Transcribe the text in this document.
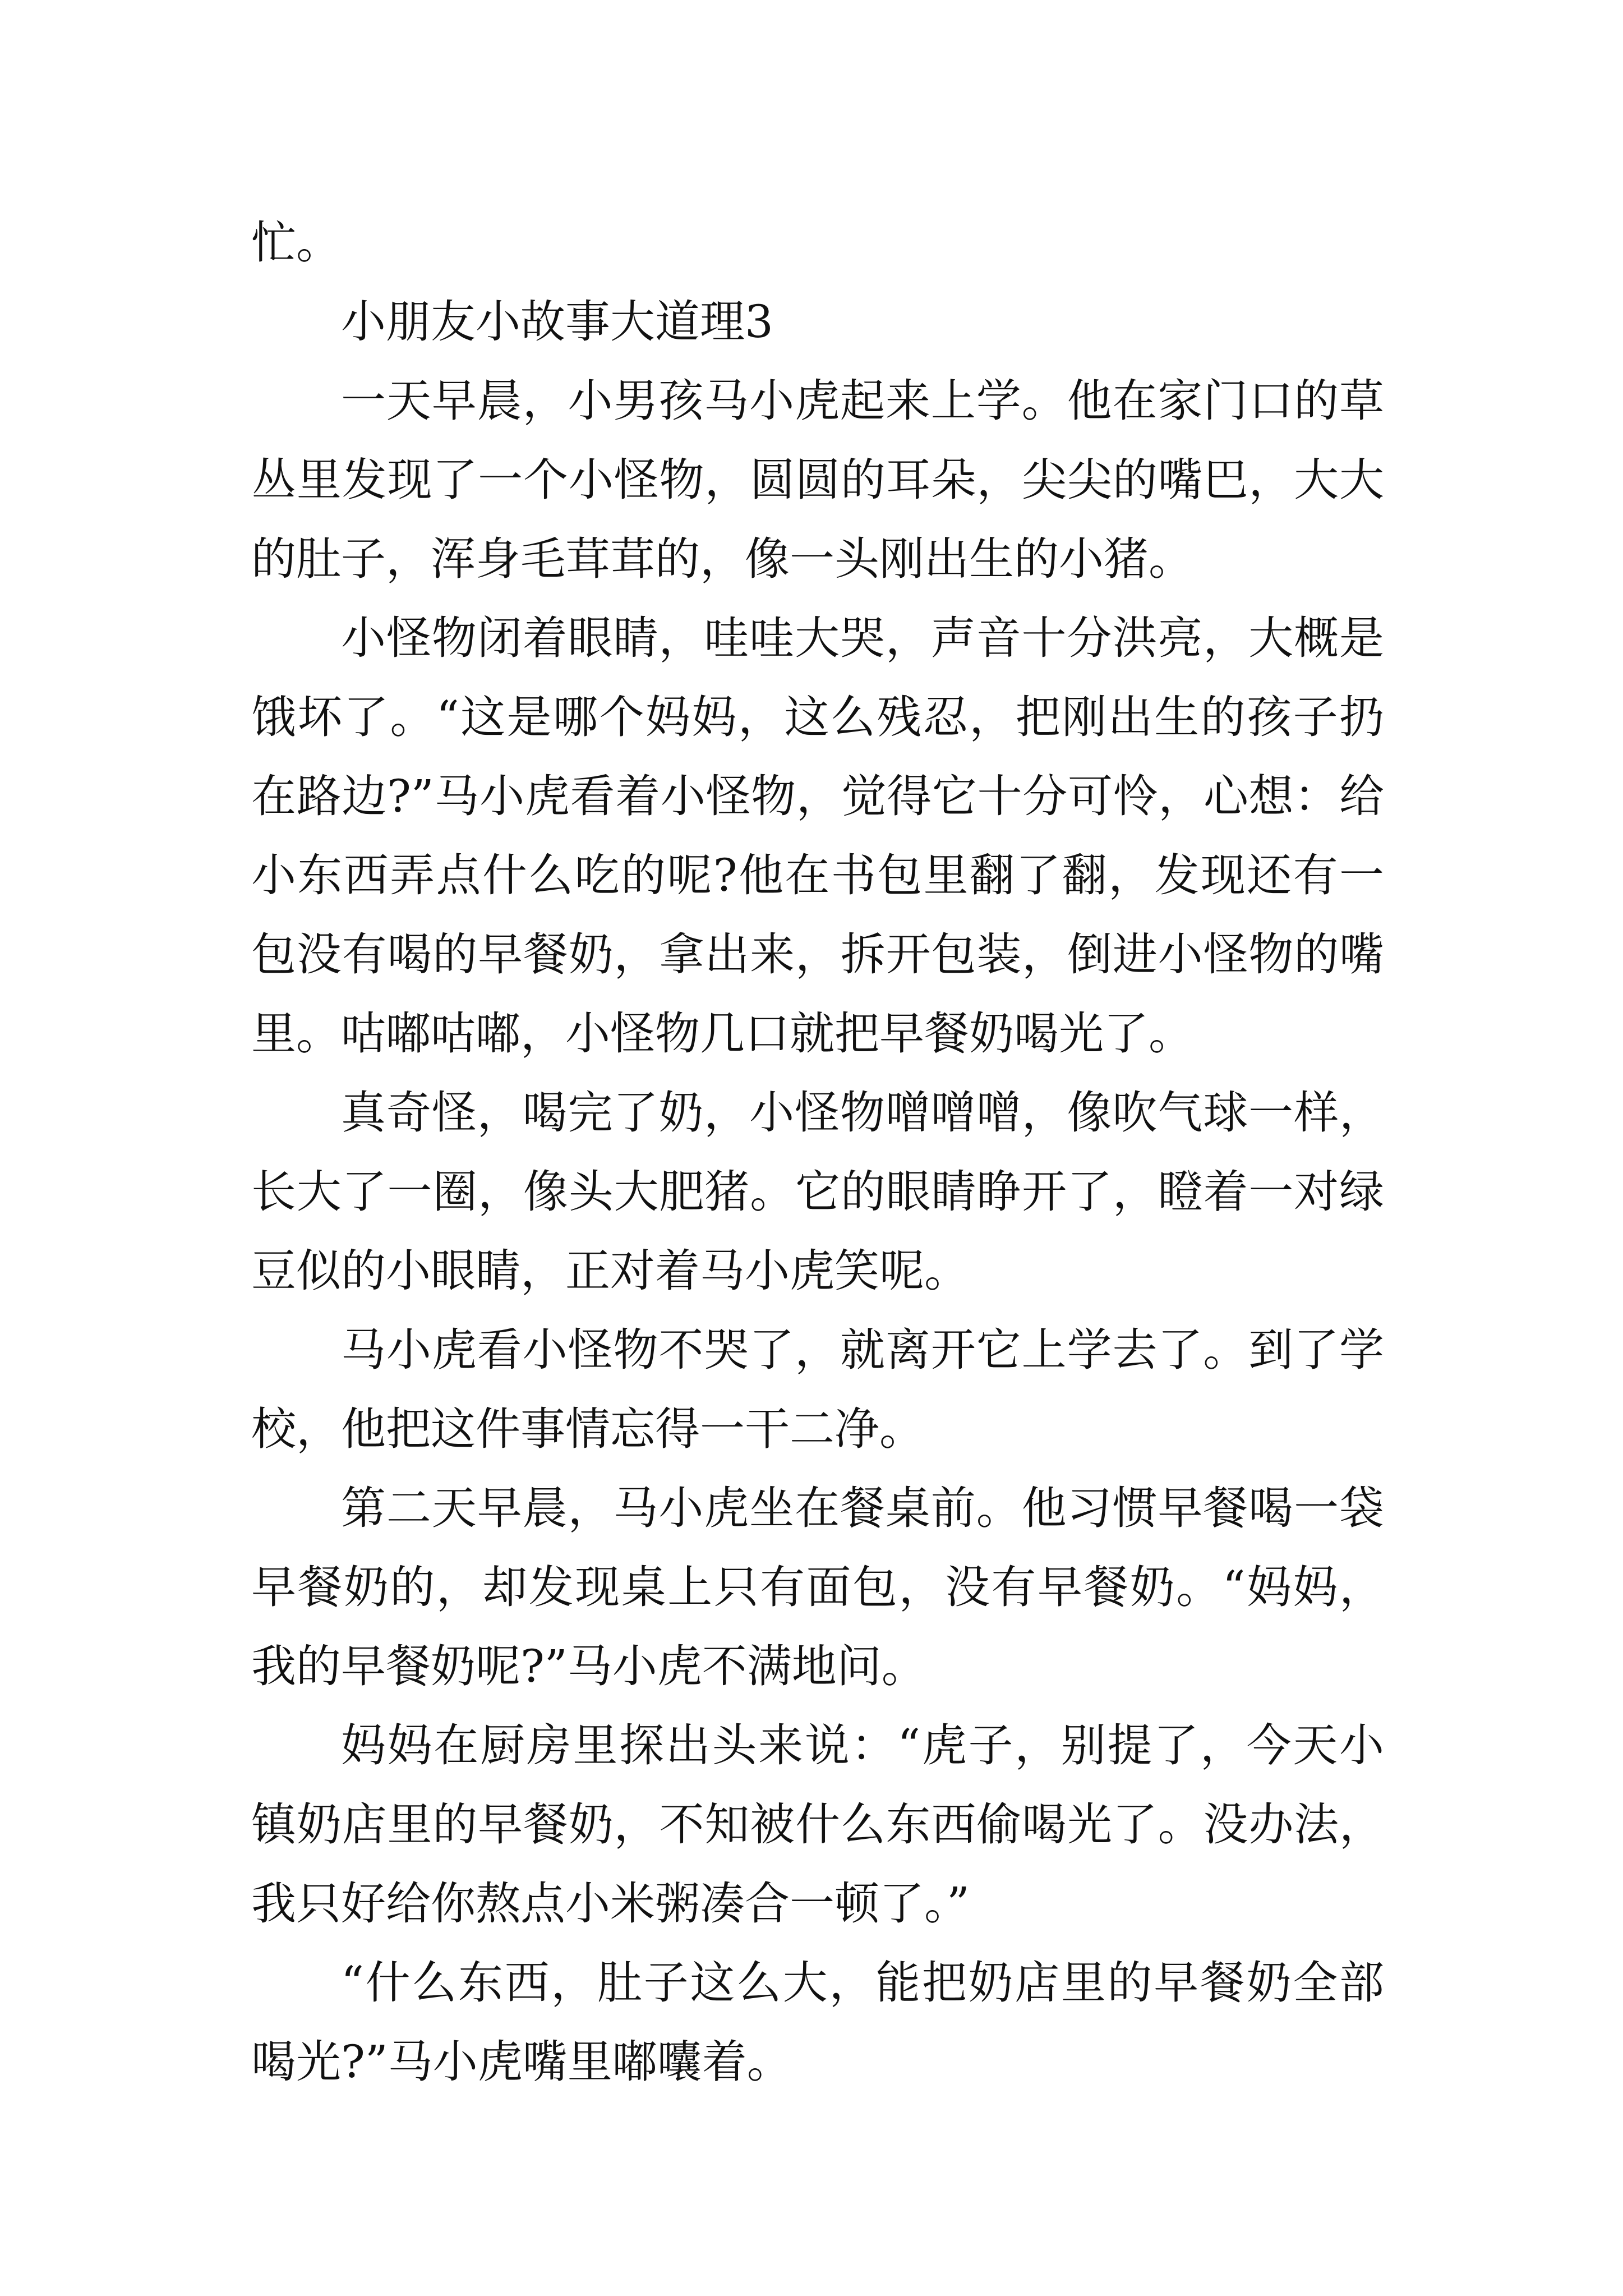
忙。

小朋友小故事大道理3

一天早晨，小男孩马小虎起来上学。他在家门口的草丛里发现了一个小怪物，圆圆的耳朵，尖尖的嘴巴，大大的肚子，浑身毛茸茸的，像一头刚出生的小猪。

小怪物闭着眼睛，哇哇大哭，声音十分洪亮，大概是饿坏了。“这是哪个妈妈，这么残忍，把刚出生的孩子扔在路边?”马小虎看着小怪物，觉得它十分可怜，心想：给小东西弄点什么吃的呢?他在书包里翻了翻，发现还有一包没有喝的早餐奶，拿出来，拆开包装，倒进小怪物的嘴里。咕嘟咕嘟，小怪物几口就把早餐奶喝光了。

真奇怪，喝完了奶，小怪物噌噌噌，像吹气球一样，长大了一圈，像头大肥猪。它的眼睛睁开了，瞪着一对绿豆似的小眼睛，正对着马小虎笑呢。

马小虎看小怪物不哭了，就离开它上学去了。到了学校，他把这件事情忘得一干二净。

第二天早晨，马小虎坐在餐桌前。他习惯早餐喝一袋早餐奶的，却发现桌上只有面包，没有早餐奶。“妈妈，我的早餐奶呢?”马小虎不满地问。

妈妈在厨房里探出头来说：“虎子，别提了，今天小镇奶店里的早餐奶，不知被什么东西偷喝光了。没办法，我只好给你熬点小米粥凑合一顿了。”

“什么东西，肚子这么大，能把奶店里的早餐奶全部喝光?”马小虎嘴里嘟囔着。
